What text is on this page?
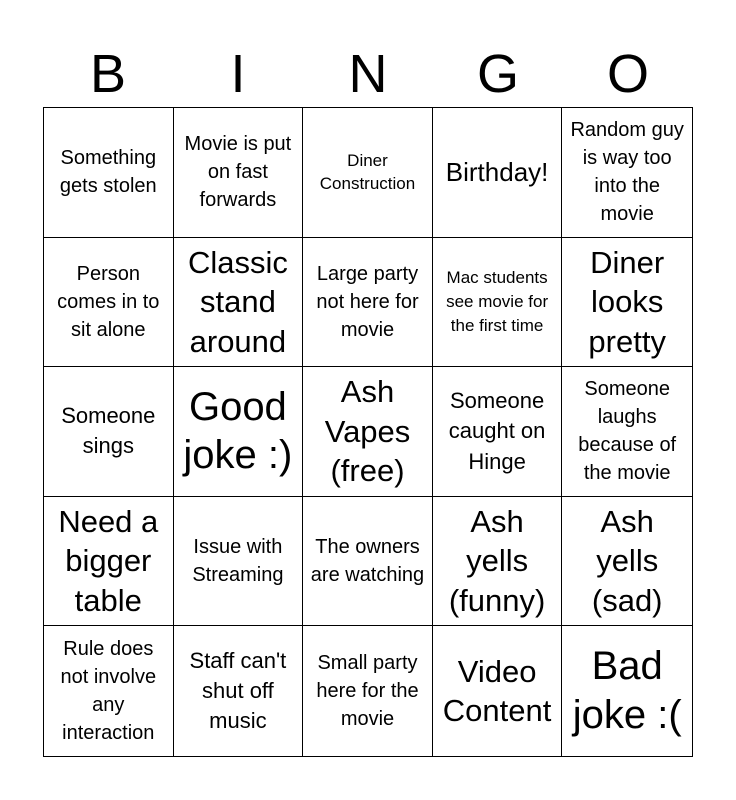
B	I	N	G	O
Something gets stolen
Movie is put on fast forwards
Diner Construction	Birthday!
Random guy is way too into the movie
Person comes in to sit alone
Classic stand around
Large party not here for movie
Mac students see movie for the first time
Diner looks pretty
Someone sings
Good joke :)
Ash Vapes (free)
Someone caught on Hinge
Someone laughs because of the movie
Need a bigger table
Issue with Streaming
The owners are watching
Ash yells (funny)
Ash yells (sad)
Rule does not involve any interaction
Staff can't shut off music
Small party here for the movie
Video Content
Bad joke :(
